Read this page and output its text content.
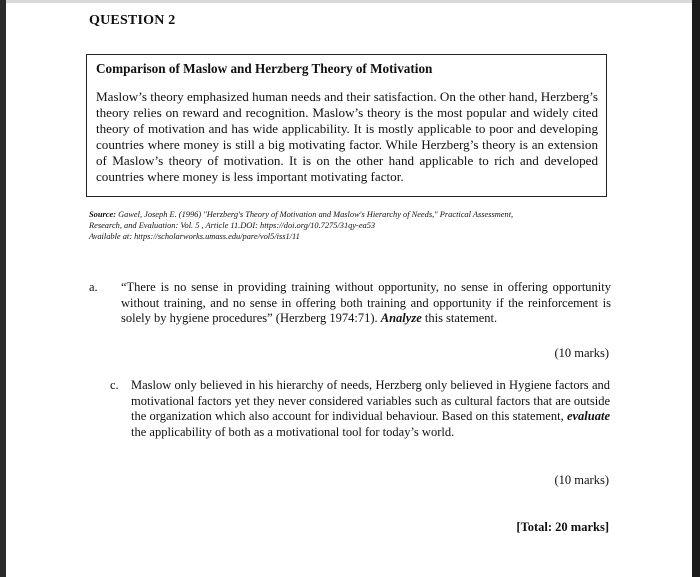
QUESTION 2

Comparison of Maslow and Herzberg Theory of Motivation

Maslow’s theory emphasized human needs and their satisfaction. On the other hand, Herzberg’s theory relies on reward and recognition. Maslow’s theory is the most popular and widely cited theory of motivation and has wide applicability. It is mostly applicable to poor and developing countries where money is still a big motivating factor. While Herzberg’s theory is an extension of Maslow’s theory of motivation. It is on the other hand applicable to rich and developed countries where money is less important motivating factor.

Source: Gawel, Joseph E. (1996) "Herzberg's Theory of Motivation and Maslow's Hierarchy of Needs," Practical Assessment,
Research, and Evaluation: Vol. 5 , Article 11.DOI: https://doi.org/10.7275/31qy-ea53
Available at: https://scholarworks.umass.edu/pare/vol5/iss1/11
a. “There is no sense in providing training without opportunity, no sense in offering opportunity without training, and no sense in offering both training and opportunity if the reinforcement is solely by hygiene procedures” (Herzberg 1974:71). Analyze this statement.
(10 marks)
c. Maslow only believed in his hierarchy of needs, Herzberg only believed in Hygiene factors and motivational factors yet they never considered variables such as cultural factors that are outside the organization which also account for individual behaviour. Based on this statement, evaluate the applicability of both as a motivational tool for today’s world.
(10 marks)
[Total: 20 marks]
